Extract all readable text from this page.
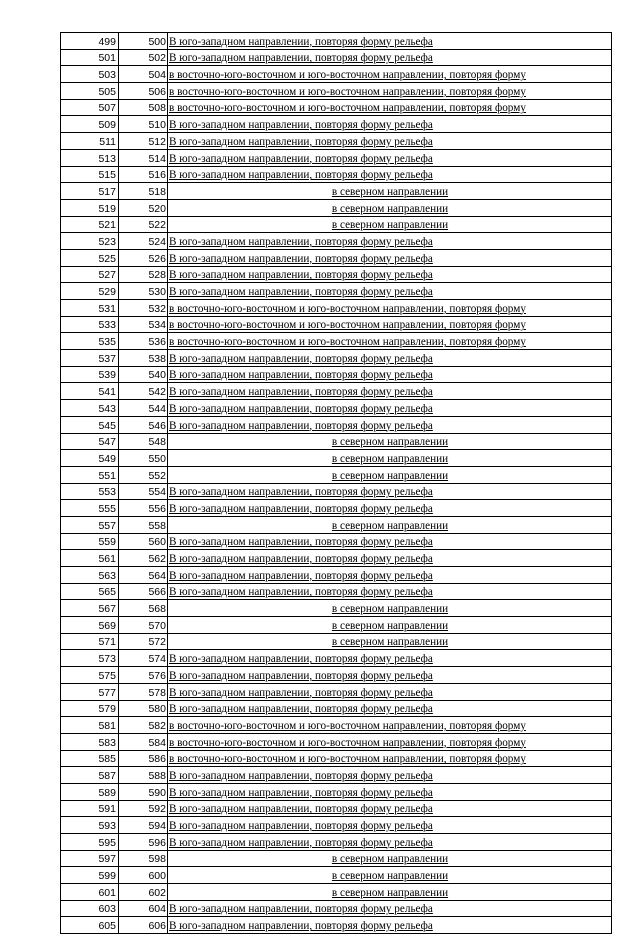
499	500	В юго-западном направлении, повторяя форму рельефа
501	502	В юго-западном направлении, повторяя форму рельефа
503	504	в восточно-юго-восточном и юго-восточном направлении, повторяя форму
505	506	в восточно-юго-восточном и юго-восточном направлении, повторяя форму
507	508	в восточно-юго-восточном и юго-восточном направлении, повторяя форму
509	510	В юго-западном направлении, повторяя форму рельефа
511	512	В юго-западном направлении, повторяя форму рельефа
513	514	В юго-западном направлении, повторяя форму рельефа
515	516	В юго-западном направлении, повторяя форму рельефа
517	518	в северном направлении
519	520	в северном направлении
521	522	в северном направлении
523	524	В юго-западном направлении, повторяя форму рельефа
525	526	В юго-западном направлении, повторяя форму рельефа
527	528	В юго-западном направлении, повторяя форму рельефа
529	530	В юго-западном направлении, повторяя форму рельефа
531	532	в восточно-юго-восточном и юго-восточном направлении, повторяя форму
533	534	в восточно-юго-восточном и юго-восточном направлении, повторяя форму
535	536	в восточно-юго-восточном и юго-восточном направлении, повторяя форму
537	538	В юго-западном направлении, повторяя форму рельефа
539	540	В юго-западном направлении, повторяя форму рельефа
541	542	В юго-западном направлении, повторяя форму рельефа
543	544	В юго-западном направлении, повторяя форму рельефа
545	546	В юго-западном направлении, повторяя форму рельефа
547	548	в северном направлении
549	550	в северном направлении
551	552	в северном направлении
553	554	В юго-западном направлении, повторяя форму рельефа
555	556	В юго-западном направлении, повторяя форму рельефа
557	558	в северном направлении
559	560	В юго-западном направлении, повторяя форму рельефа
561	562	В юго-западном направлении, повторяя форму рельефа
563	564	В юго-западном направлении, повторяя форму рельефа
565	566	В юго-западном направлении, повторяя форму рельефа
567	568	в северном направлении
569	570	в северном направлении
571	572	в северном направлении
573	574	В юго-западном направлении, повторяя форму рельефа
575	576	В юго-западном направлении, повторяя форму рельефа
577	578	В юго-западном направлении, повторяя форму рельефа
579	580	В юго-западном направлении, повторяя форму рельефа
581	582	в восточно-юго-восточном и юго-восточном направлении, повторяя форму
583	584	в восточно-юго-восточном и юго-восточном направлении, повторяя форму
585	586	в восточно-юго-восточном и юго-восточном направлении, повторяя форму
587	588	В юго-западном направлении, повторяя форму рельефа
589	590	В юго-западном направлении, повторяя форму рельефа
591	592	В юго-западном направлении, повторяя форму рельефа
593	594	В юго-западном направлении, повторяя форму рельефа
595	596	В юго-западном направлении, повторяя форму рельефа
597	598	в северном направлении
599	600	в северном направлении
601	602	в северном направлении
603	604	В юго-западном направлении, повторяя форму рельефа
605	606	В юго-западном направлении, повторяя форму рельефа
